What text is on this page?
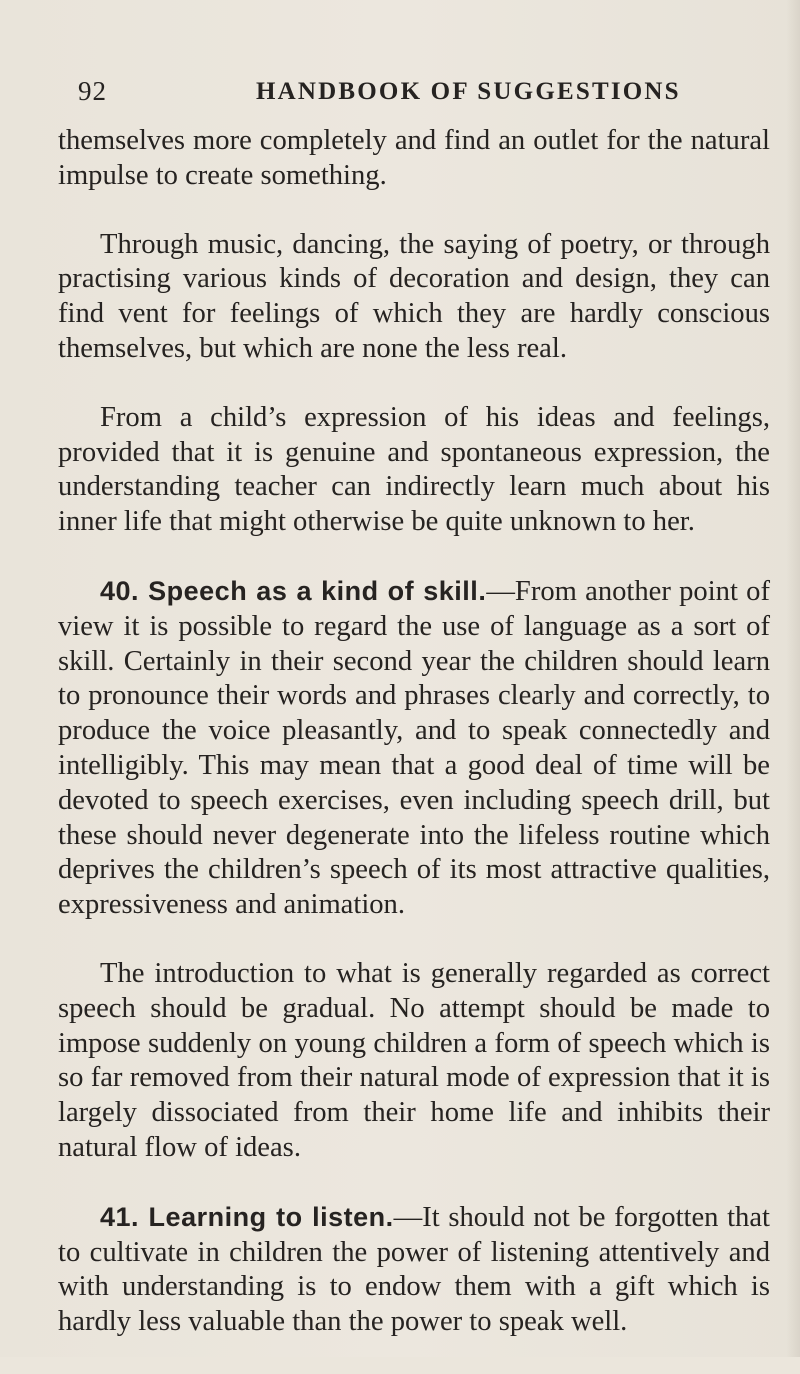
92	HANDBOOK OF SUGGESTIONS

themselves more completely and find an outlet for the natural impulse to create something.

Through music, dancing, the saying of poetry, or through practising various kinds of decoration and design, they can find vent for feelings of which they are hardly conscious themselves, but which are none the less real.

From a child’s expression of his ideas and feelings, provided that it is genuine and spontaneous expression, the understanding teacher can indirectly learn much about his inner life that might otherwise be quite unknown to her.

40. Speech as a kind of skill.—From another point of view it is possible to regard the use of language as a sort of skill. Certainly in their second year the children should learn to pronounce their words and phrases clearly and correctly, to produce the voice pleasantly, and to speak connectedly and intelligibly. This may mean that a good deal of time will be devoted to speech exercises, even including speech drill, but these should never degenerate into the lifeless routine which deprives the children’s speech of its most attractive qualities, expressiveness and animation.

The introduction to what is generally regarded as correct speech should be gradual. No attempt should be made to impose suddenly on young children a form of speech which is so far removed from their natural mode of expression that it is largely dissociated from their home life and inhibits their natural flow of ideas.

41. Learning to listen.—It should not be forgotten that to cultivate in children the power of listening attentively and with understanding is to endow them with a gift which is hardly less valuable than the power to speak well.
